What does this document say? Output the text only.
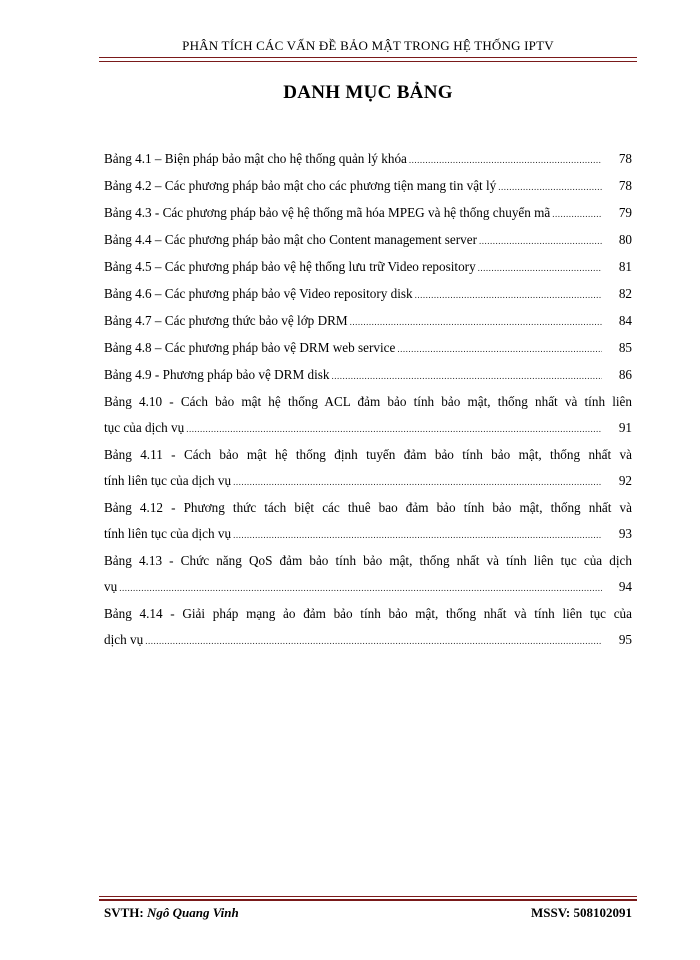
PHÂN TÍCH CÁC VẤN ĐỀ BẢO MẬT TRONG HỆ THỐNG IPTV
DANH MỤC BẢNG
Bảng 4.1 – Biện pháp bảo mật cho hệ thống quản lý khóa .....	78
Bảng 4.2 – Các phương pháp bảo mật cho các phương tiện mang tin vật lý .....	78
Bảng 4.3 - Các phương pháp bảo vệ hệ thống mã hóa MPEG và hệ thống chuyển mã .....	79
Bảng 4.4 – Các phương pháp bảo mật cho Content management server .....	80
Bảng 4.5 – Các phương pháp bảo vệ hệ thống lưu trữ Video repository .....	81
Bảng 4.6 – Các phương pháp bảo vệ Video repository disk .....	82
Bảng 4.7 – Các phương thức bảo vệ lớp DRM .....	84
Bảng 4.8 – Các phương pháp bảo vệ DRM web service .....	85
Bảng 4.9 - Phương pháp bảo vệ DRM disk .....	86
Bảng 4.10 - Cách bảo mật hệ thống ACL đảm bảo tính bảo mật, thống nhất và tính liên
tục của dịch vụ .....	91
Bảng 4.11 - Cách bảo mật hệ thống định tuyến đảm bảo tính bảo mật, thống nhất và
tính liên tục của dịch vụ .....	92
Bảng 4.12 - Phương thức tách biệt các thuê bao đảm bảo tính bảo mật, thống nhất và
tính liên tục của dịch vụ .....	93
Bảng 4.13 - Chức năng QoS đảm bảo tính bảo mật, thống nhất và tính liên tục của dịch
vụ .....	94
Bảng 4.14 - Giải pháp mạng ảo đảm bảo tính bảo mật, thống nhất và tính liên tục của
dịch vụ .....	95
SVTH: Ngô Quang Vinh	MSSV: 508102091
